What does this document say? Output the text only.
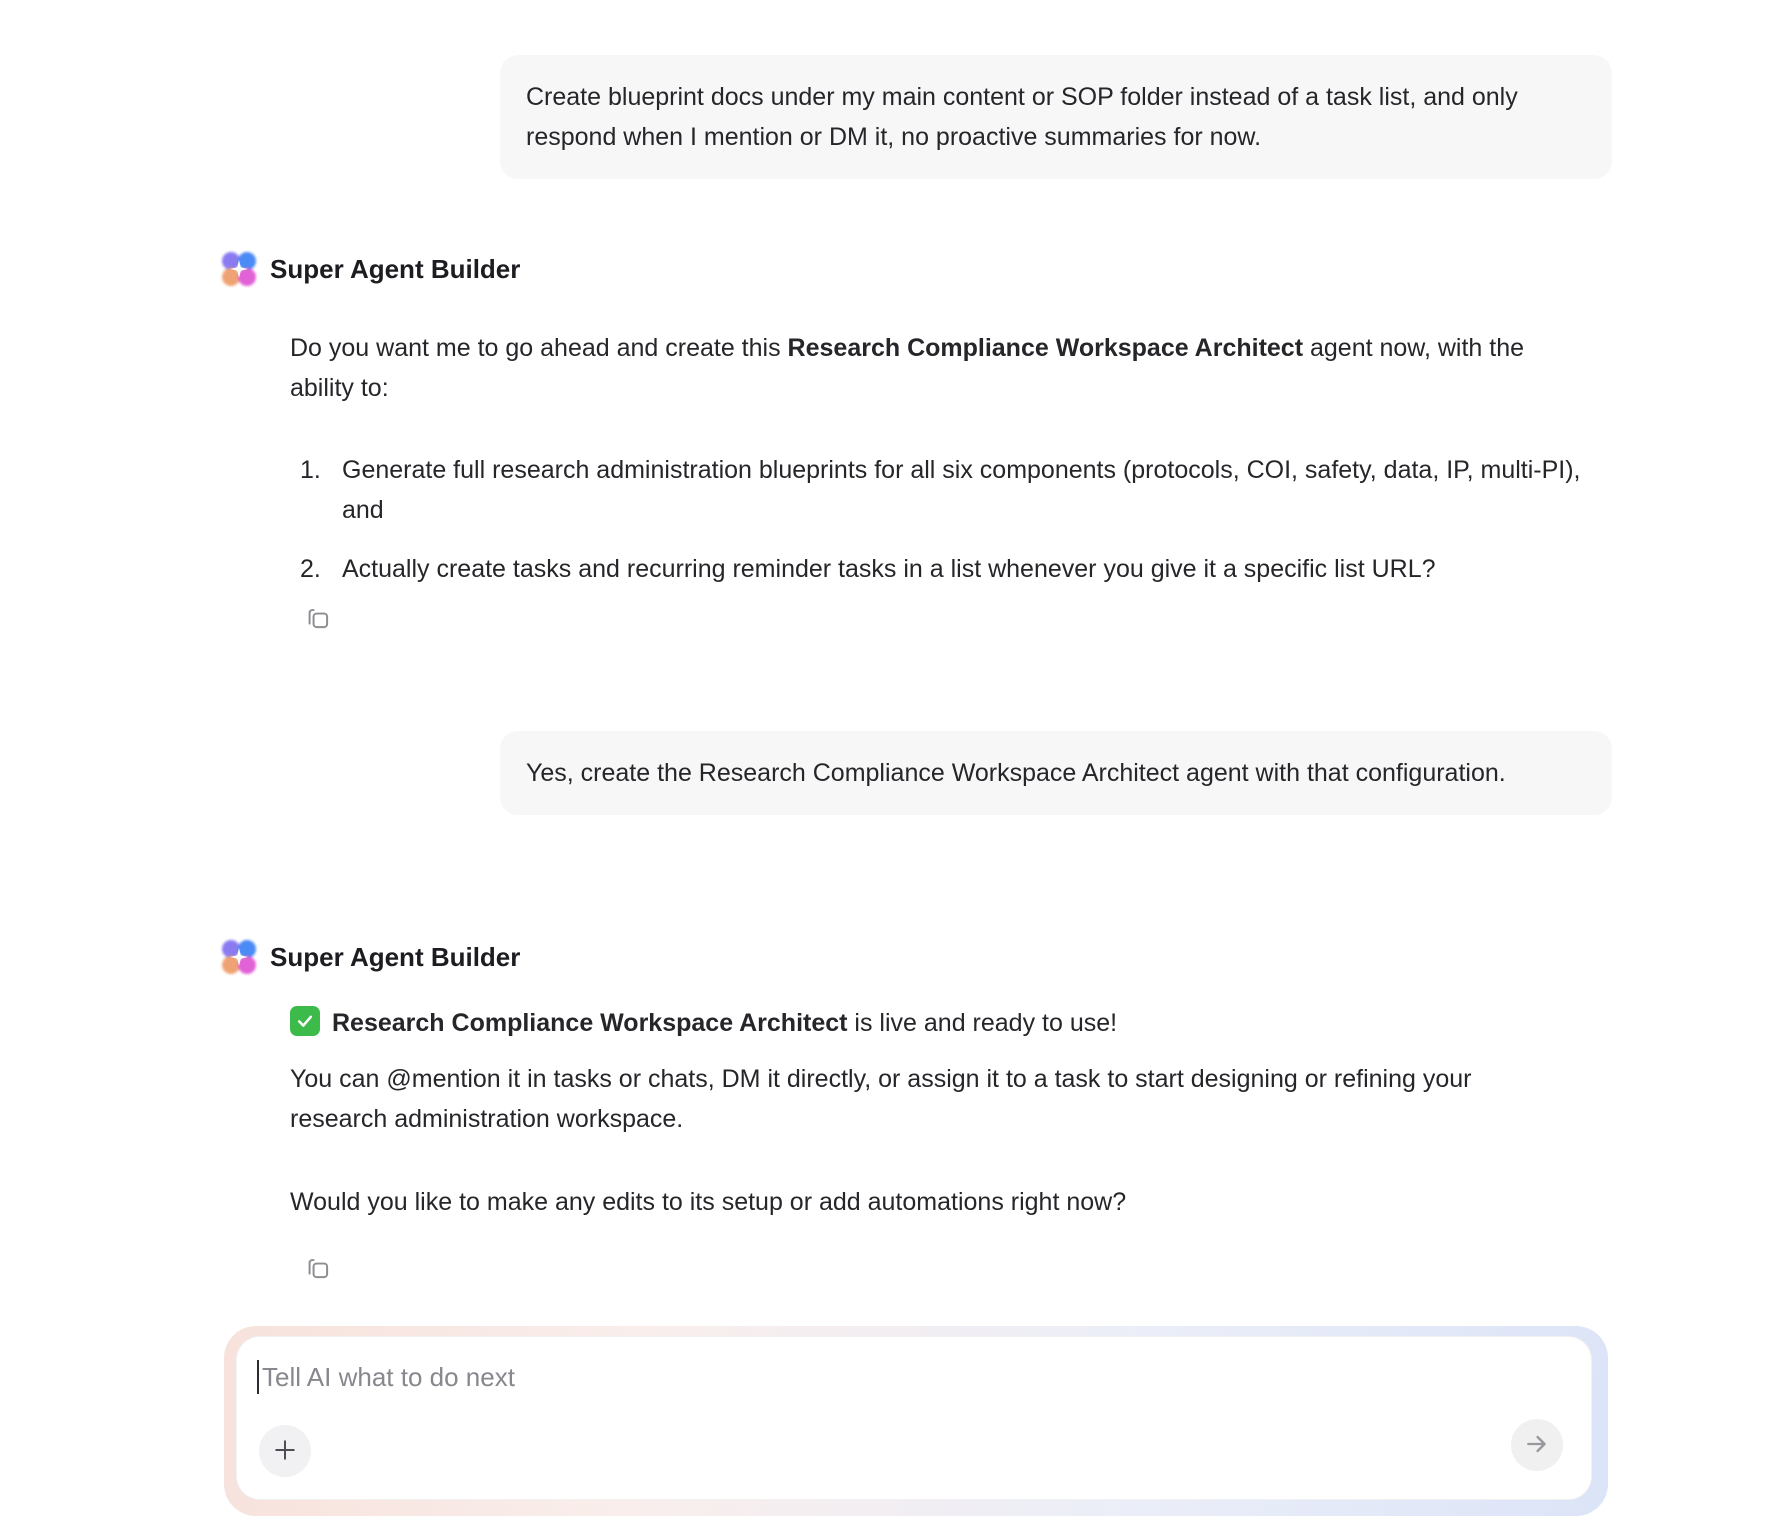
Create blueprint docs under my main content or SOP folder instead of a task list, and only respond when I mention or DM it, no proactive summaries for now.
Super Agent Builder
Do you want me to go ahead and create this Research Compliance Workspace Architect agent now, with the ability to:
1. Generate full research administration blueprints for all six components (protocols, COI, safety, data, IP, multi-PI), and
2. Actually create tasks and recurring reminder tasks in a list whenever you give it a specific list URL?
Yes, create the Research Compliance Workspace Architect agent with that configuration.
Super Agent Builder
Research Compliance Workspace Architect is live and ready to use!
You can @mention it in tasks or chats, DM it directly, or assign it to a task to start designing or refining your research administration workspace.
Would you like to make any edits to its setup or add automations right now?
Tell AI what to do next
